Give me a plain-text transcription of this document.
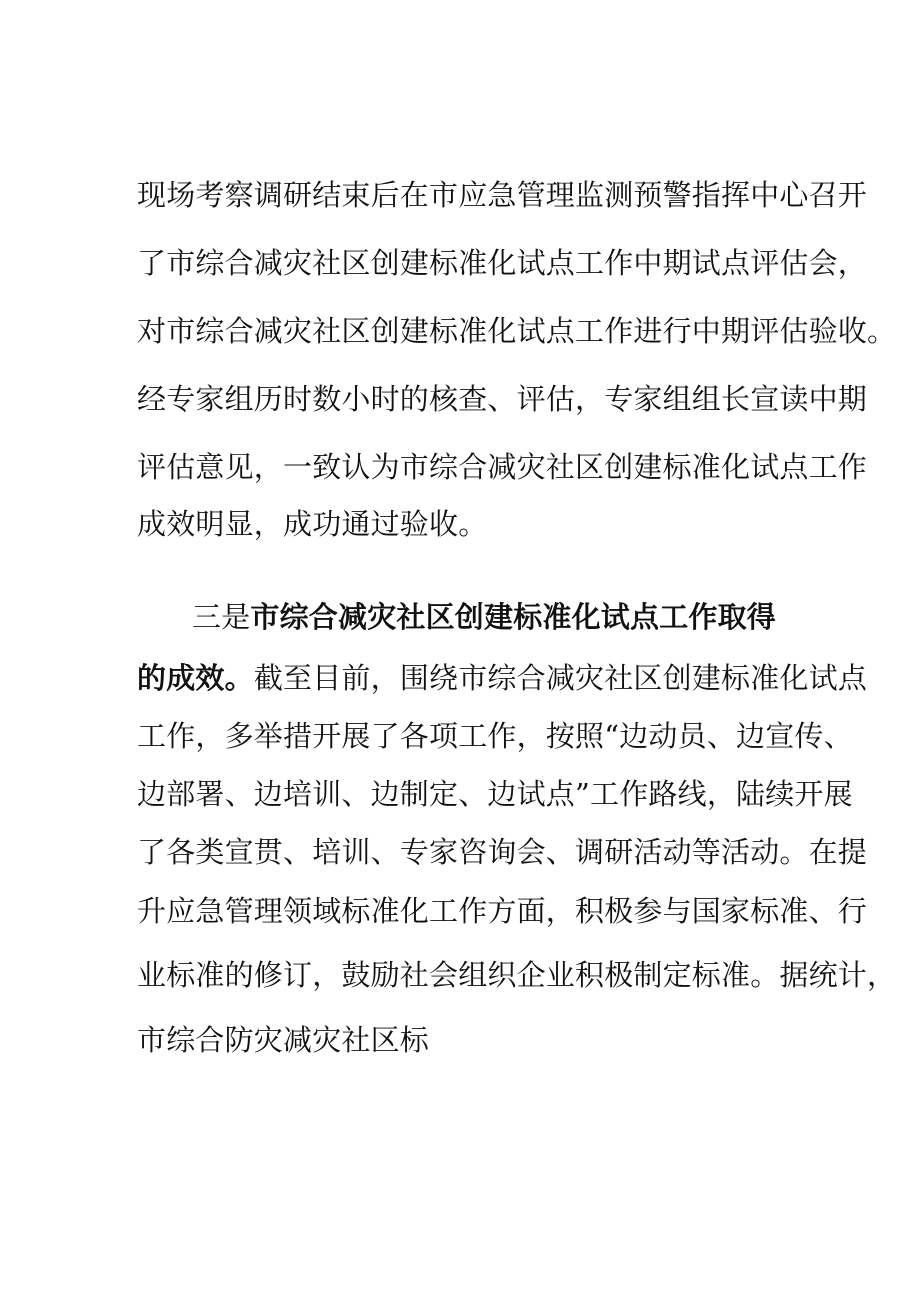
现场考察调研结束后在市应急管理监测预警指挥中心召开
了市综合减灾社区创建标准化试点工作中期试点评估会，
对市综合减灾社区创建标准化试点工作进行中期评估验收。
经专家组历时数小时的核查、评估，专家组组长宣读中期
评估意见，一致认为市综合减灾社区创建标准化试点工作
成效明显，成功通过验收。
三是市综合减灾社区创建标准化试点工作取得
的成效。截至目前，围绕市综合减灾社区创建标准化试点
工作，多举措开展了各项工作，按照“边动员、边宣传、
边部署、边培训、边制定、边试点”工作路线，陆续开展
了各类宣贯、培训、专家咨询会、调研活动等活动。在提
升应急管理领域标准化工作方面，积极参与国家标准、行
业标准的修订，鼓励社会组织企业积极制定标准。据统计，
市综合防灾减灾社区标
